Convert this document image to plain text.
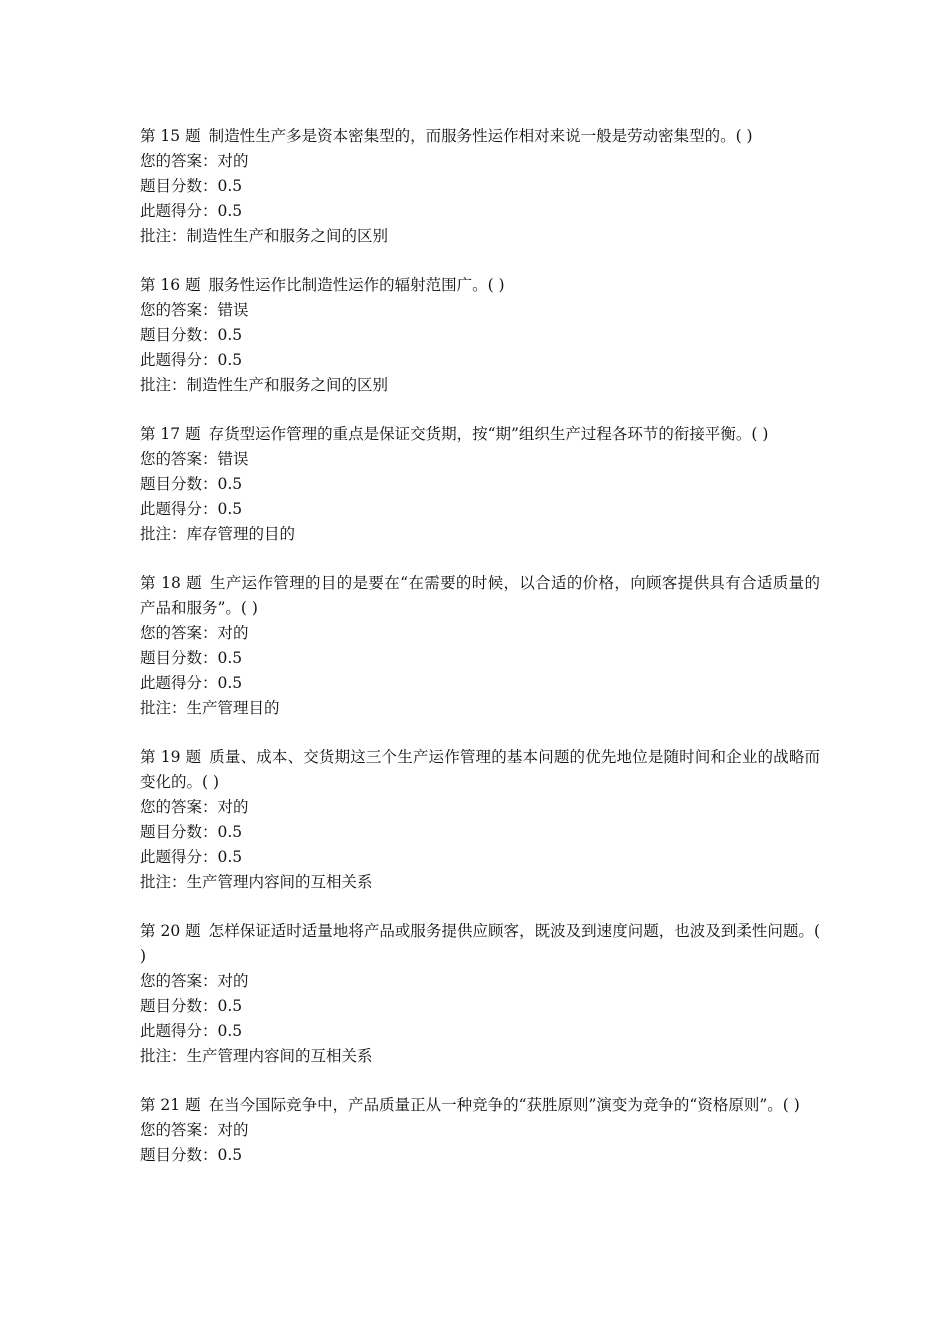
第 15 题 制造性生产多是资本密集型的，而服务性运作相对来说一般是劳动密集型的。( )
您的答案：对的
题目分数：0.5
此题得分：0.5
批注：制造性生产和服务之间的区别
第 16 题 服务性运作比制造性运作的辐射范围广。( )
您的答案：错误
题目分数：0.5
此题得分：0.5
批注：制造性生产和服务之间的区别
第 17 题 存货型运作管理的重点是保证交货期，按“期”组织生产过程各环节的衔接平衡。( )
您的答案：错误
题目分数：0.5
此题得分：0.5
批注：库存管理的目的
第 18 题 生产运作管理的目的是要在“在需要的时候，以合适的价格，向顾客提供具有合适质量的产品和服务”。( )
您的答案：对的
题目分数：0.5
此题得分：0.5
批注：生产管理目的
第 19 题 质量、成本、交货期这三个生产运作管理的基本问题的优先地位是随时间和企业的战略而变化的。( )
您的答案：对的
题目分数：0.5
此题得分：0.5
批注：生产管理内容间的互相关系
第 20 题 怎样保证适时适量地将产品或服务提供应顾客，既波及到速度问题，也波及到柔性问题。( )
您的答案：对的
题目分数：0.5
此题得分：0.5
批注：生产管理内容间的互相关系
第 21 题 在当今国际竞争中，产品质量正从一种竞争的“获胜原则”演变为竞争的“资格原则”。( )
您的答案：对的
题目分数：0.5
